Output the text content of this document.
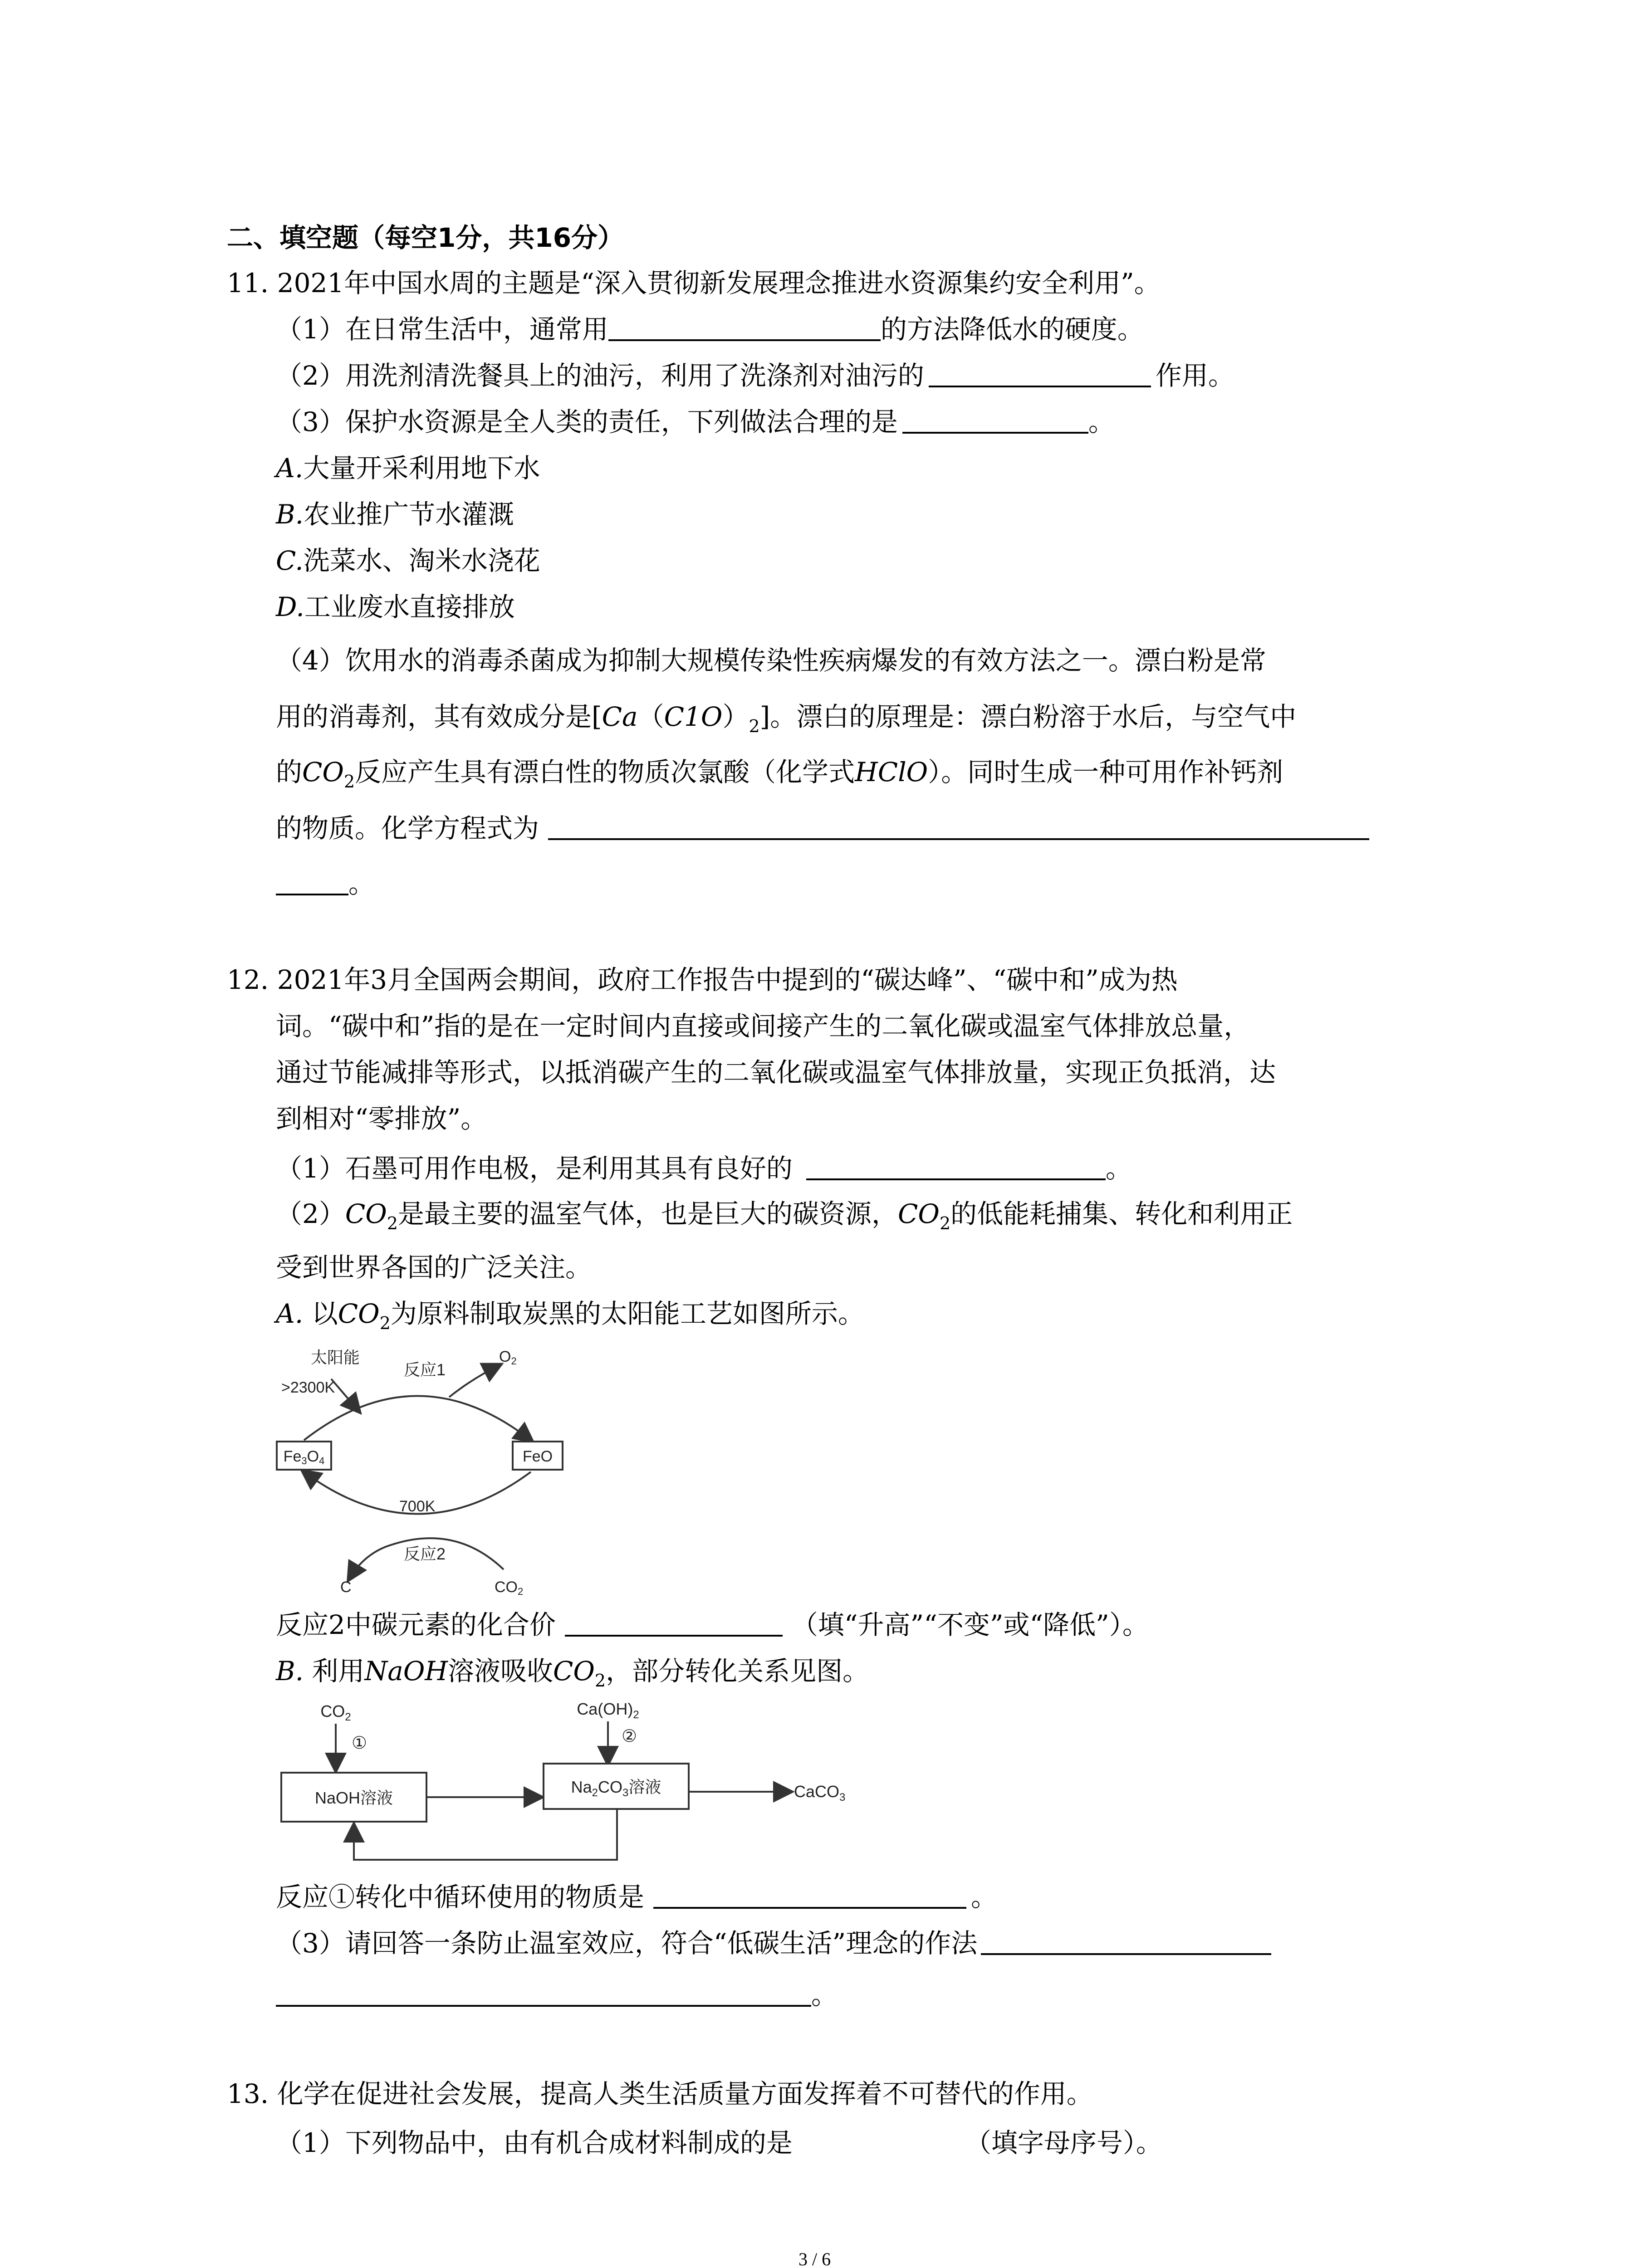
二、填空题（每空1分，共16分）
11. 2021年中国水周的主题是“深入贯彻新发展理念推进水资源集约安全利用”。
（1）在日常生活中，通常用	的方法降低水的硬度。
（2）用洗剂清洗餐具上的油污，利用了洗涤剂对油污的	作用。
（3）保护水资源是全人类的责任，下列做法合理的是	。
A.大量开采利用地下水
B.农业推广节水灌溉
C.洗菜水、淘米水浇花
D.工业废水直接排放
（4）饮用水的消毒杀菌成为抑制大规模传染性疾病爆发的有效方法之一。漂白粉是常
用的消毒剂，其有效成分是$[Ca(C1O)_2]$。漂白的原理是：漂白粉溶于水后，与空气中
的$CO_2$反应产生具有漂白性的物质次氯酸（化学式HClO）。同时生成一种可用作补钙剂
的物质。化学方程式为
。
12. 2021年3月全国两会期间，政府工作报告中提到的“碳达峰”、“碳中和”成为热
词。“碳中和”指的是在一定时间内直接或间接产生的二氧化碳或温室气体排放总量，
通过节能减排等形式，以抵消碳产生的二氧化碳或温室气体排放量，实现正负抵消，达
到相对“零排放”。
（1）石墨可用作电极，是利用其具有良好的	。
$(2)CO_2$是最主要的温室气体，也是巨大的碳资源，$CO_2$的低能耗捕集、转化和利用正
受到世界各国的广泛关注。
A. 以$CO_2$为原料制取炭黑的太阳能工艺如图所示。
Fe3O4	FeO
太阳能
>2300K
反应1
O2
700K
反应2
C	CO2
反应2中碳元素的化合价	（填“升高”“不变”或“降低”）。
B. 利用NaOH溶液吸收$CO_2$，部分转化关系见图。
$CO_2$
①
$Ca(OH)_2$
②
NaOH溶液
$Na_2CO_3$溶液	CaCO$_3$
反应①转化中循环使用的物质是	。
（3）请回答一条防止温室效应，符合“低碳生活”理念的作法
。
13. 化学在促进社会发展，提高人类生活质量方面发挥着不可替代的作用。
（1）下列物品中，由有机合成材料制成的是	（填字母序号）。
3 / 6
